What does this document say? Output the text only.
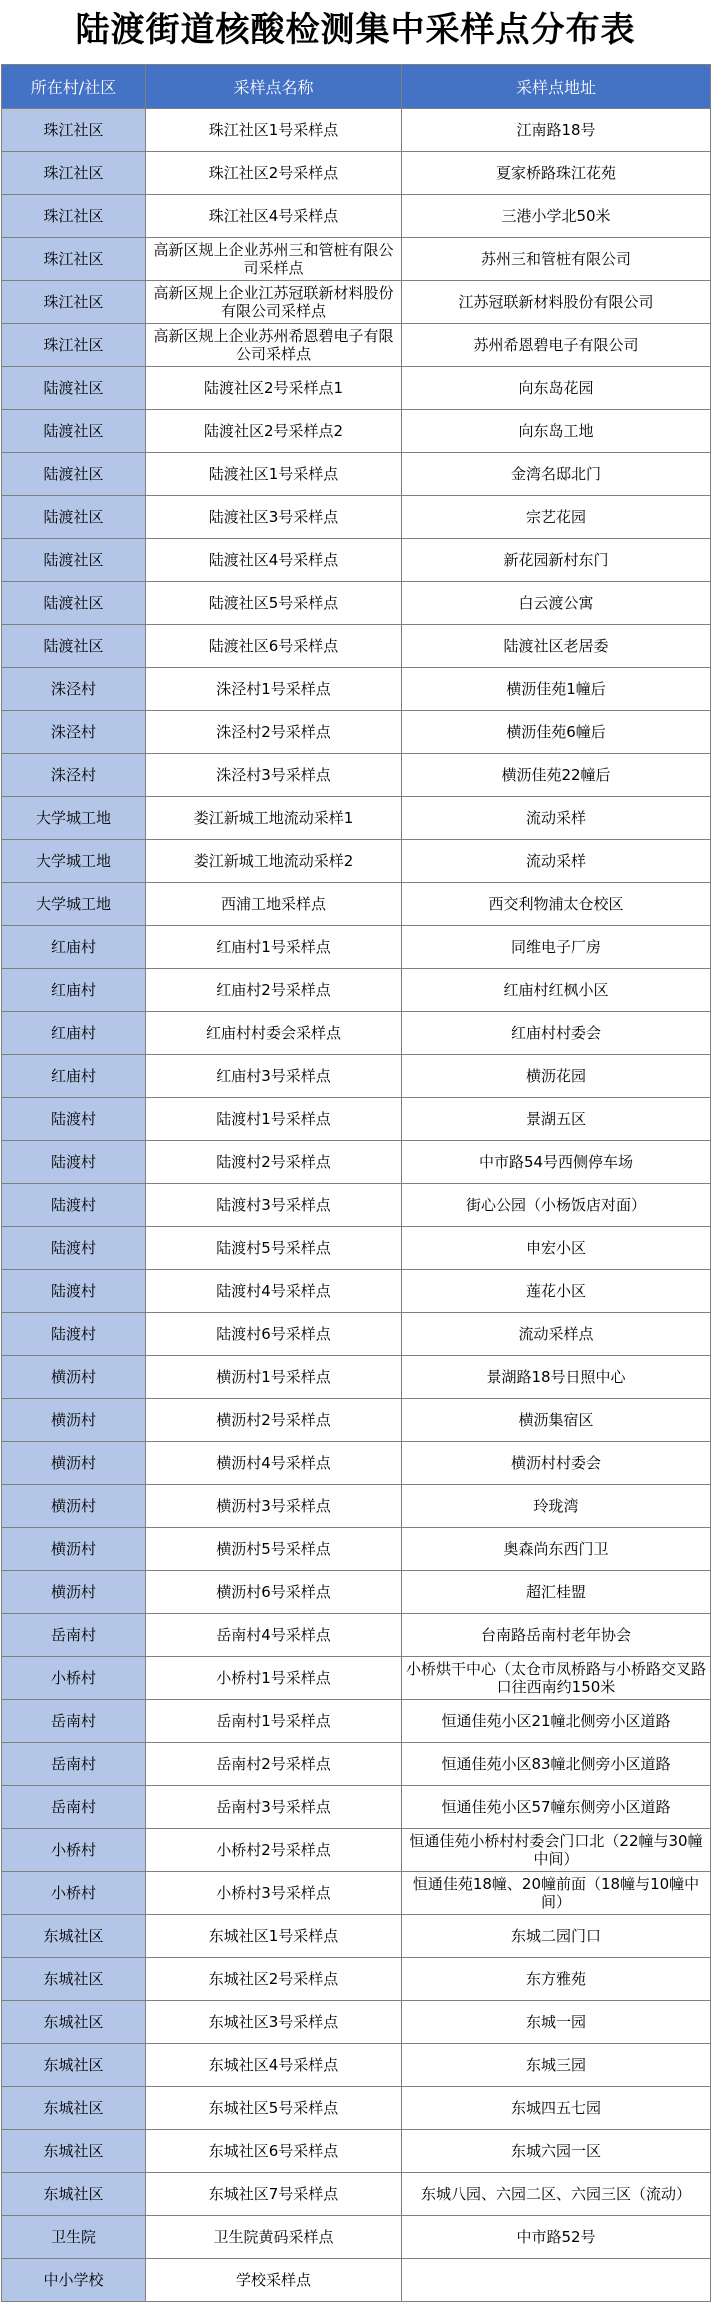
陆渡街道核酸检测集中采样点分布表
所在村/社区	采样点名称	采样点地址
珠江社区	珠江社区1号采样点	江南路18号
珠江社区	珠江社区2号采样点	夏家桥路珠江花苑
珠江社区	珠江社区4号采样点	三港小学北50米
珠江社区	高新区规上企业苏州三和管桩有限公司采样点	苏州三和管桩有限公司
珠江社区	高新区规上企业江苏冠联新材料股份有限公司采样点	江苏冠联新材料股份有限公司
珠江社区	高新区规上企业苏州希恩碧电子有限公司采样点	苏州希恩碧电子有限公司
陆渡社区	陆渡社区2号采样点1	向东岛花园
陆渡社区	陆渡社区2号采样点2	向东岛工地
陆渡社区	陆渡社区1号采样点	金湾名邸北门
陆渡社区	陆渡社区3号采样点	宗艺花园
陆渡社区	陆渡社区4号采样点	新花园新村东门
陆渡社区	陆渡社区5号采样点	白云渡公寓
陆渡社区	陆渡社区6号采样点	陆渡社区老居委
洙泾村	洙泾村1号采样点	横沥佳苑1幢后
洙泾村	洙泾村2号采样点	横沥佳苑6幢后
洙泾村	洙泾村3号采样点	横沥佳苑22幢后
大学城工地	娄江新城工地流动采样1	流动采样
大学城工地	娄江新城工地流动采样2	流动采样
大学城工地	西浦工地采样点	西交利物浦太仓校区
红庙村	红庙村1号采样点	同维电子厂房
红庙村	红庙村2号采样点	红庙村红枫小区
红庙村	红庙村村委会采样点	红庙村村委会
红庙村	红庙村3号采样点	横沥花园
陆渡村	陆渡村1号采样点	景湖五区
陆渡村	陆渡村2号采样点	中市路54号西侧停车场
陆渡村	陆渡村3号采样点	街心公园（小杨饭店对面）
陆渡村	陆渡村5号采样点	申宏小区
陆渡村	陆渡村4号采样点	莲花小区
陆渡村	陆渡村6号采样点	流动采样点
横沥村	横沥村1号采样点	景湖路18号日照中心
横沥村	横沥村2号采样点	横沥集宿区
横沥村	横沥村4号采样点	横沥村村委会
横沥村	横沥村3号采样点	玲珑湾
横沥村	横沥村5号采样点	奥森尚东西门卫
横沥村	横沥村6号采样点	超汇桂盟
岳南村	岳南村4号采样点	台南路岳南村老年协会
小桥村	小桥村1号采样点	小桥烘干中心（太仓市凤桥路与小桥路交叉路口往西南约150米
岳南村	岳南村1号采样点	恒通佳苑小区21幢北侧旁小区道路
岳南村	岳南村2号采样点	恒通佳苑小区83幢北侧旁小区道路
岳南村	岳南村3号采样点	恒通佳苑小区57幢东侧旁小区道路
小桥村	小桥村2号采样点	恒通佳苑小桥村村委会门口北（22幢与30幢中间）
小桥村	小桥村3号采样点	恒通佳苑18幢、20幢前面（18幢与10幢中间）
东城社区	东城社区1号采样点	东城二园门口
东城社区	东城社区2号采样点	东方雅苑
东城社区	东城社区3号采样点	东城一园
东城社区	东城社区4号采样点	东城三园
东城社区	东城社区5号采样点	东城四五七园
东城社区	东城社区6号采样点	东城六园一区
东城社区	东城社区7号采样点	东城八园、六园二区、六园三区（流动）
卫生院	卫生院黄码采样点	中市路52号
中小学校	学校采样点	
